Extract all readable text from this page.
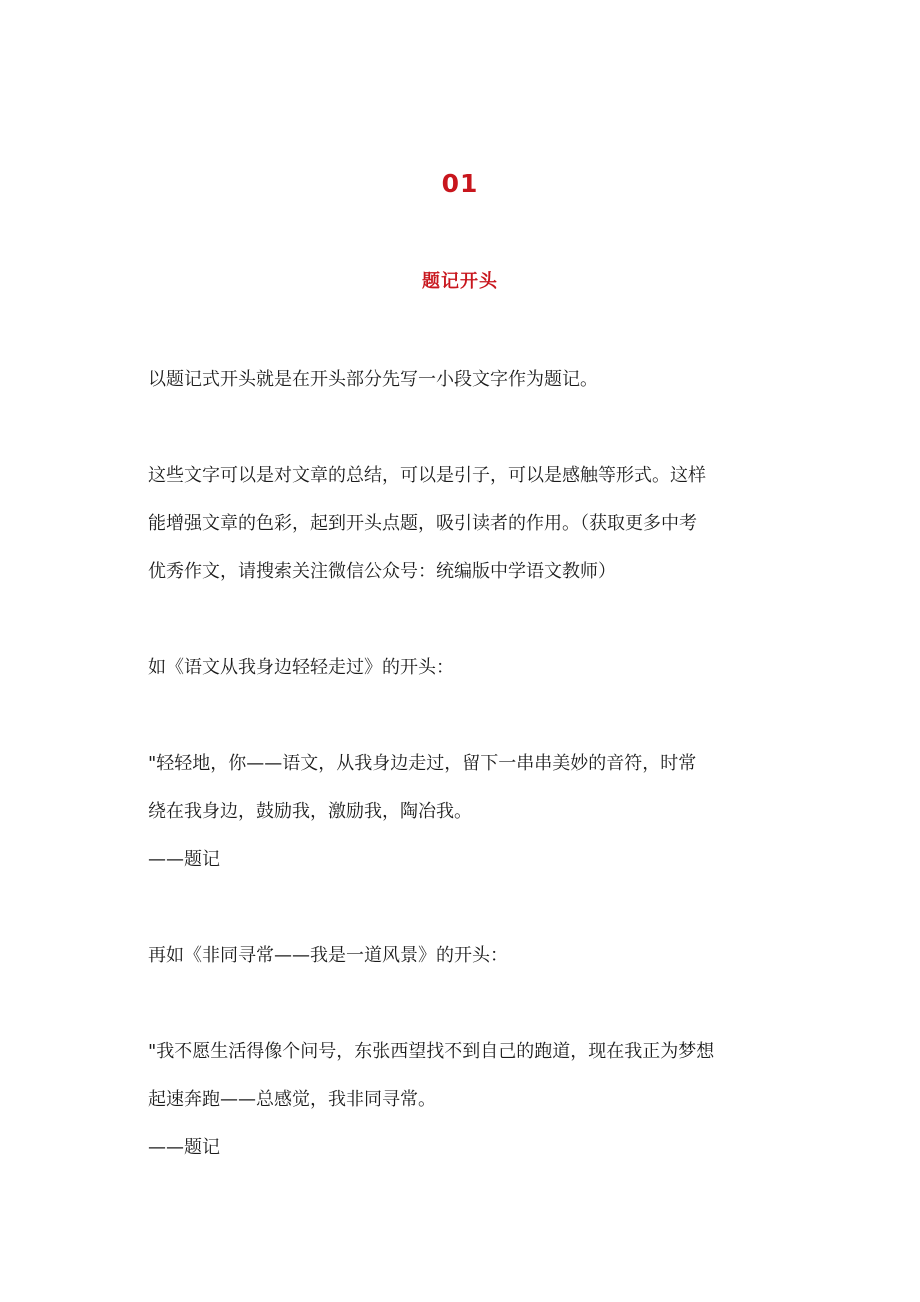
01
题记开头

以题记式开头就是在开头部分先写一小段文字作为题记。

这些文字可以是对文章的总结，可以是引子，可以是感触等形式。这样
能增强文章的色彩，起到开头点题，吸引读者的作用。（获取更多中考
优秀作文，请搜索关注微信公众号：统编版中学语文教师）

如《语文从我身边轻轻走过》的开头：

"轻轻地，你——语文，从我身边走过，留下一串串美妙的音符，时常
绕在我身边，鼓励我，激励我，陶冶我。
——题记

再如《非同寻常——我是一道风景》的开头：

"我不愿生活得像个问号，东张西望找不到自己的跑道，现在我正为梦想
起速奔跑——总感觉，我非同寻常。
——题记
